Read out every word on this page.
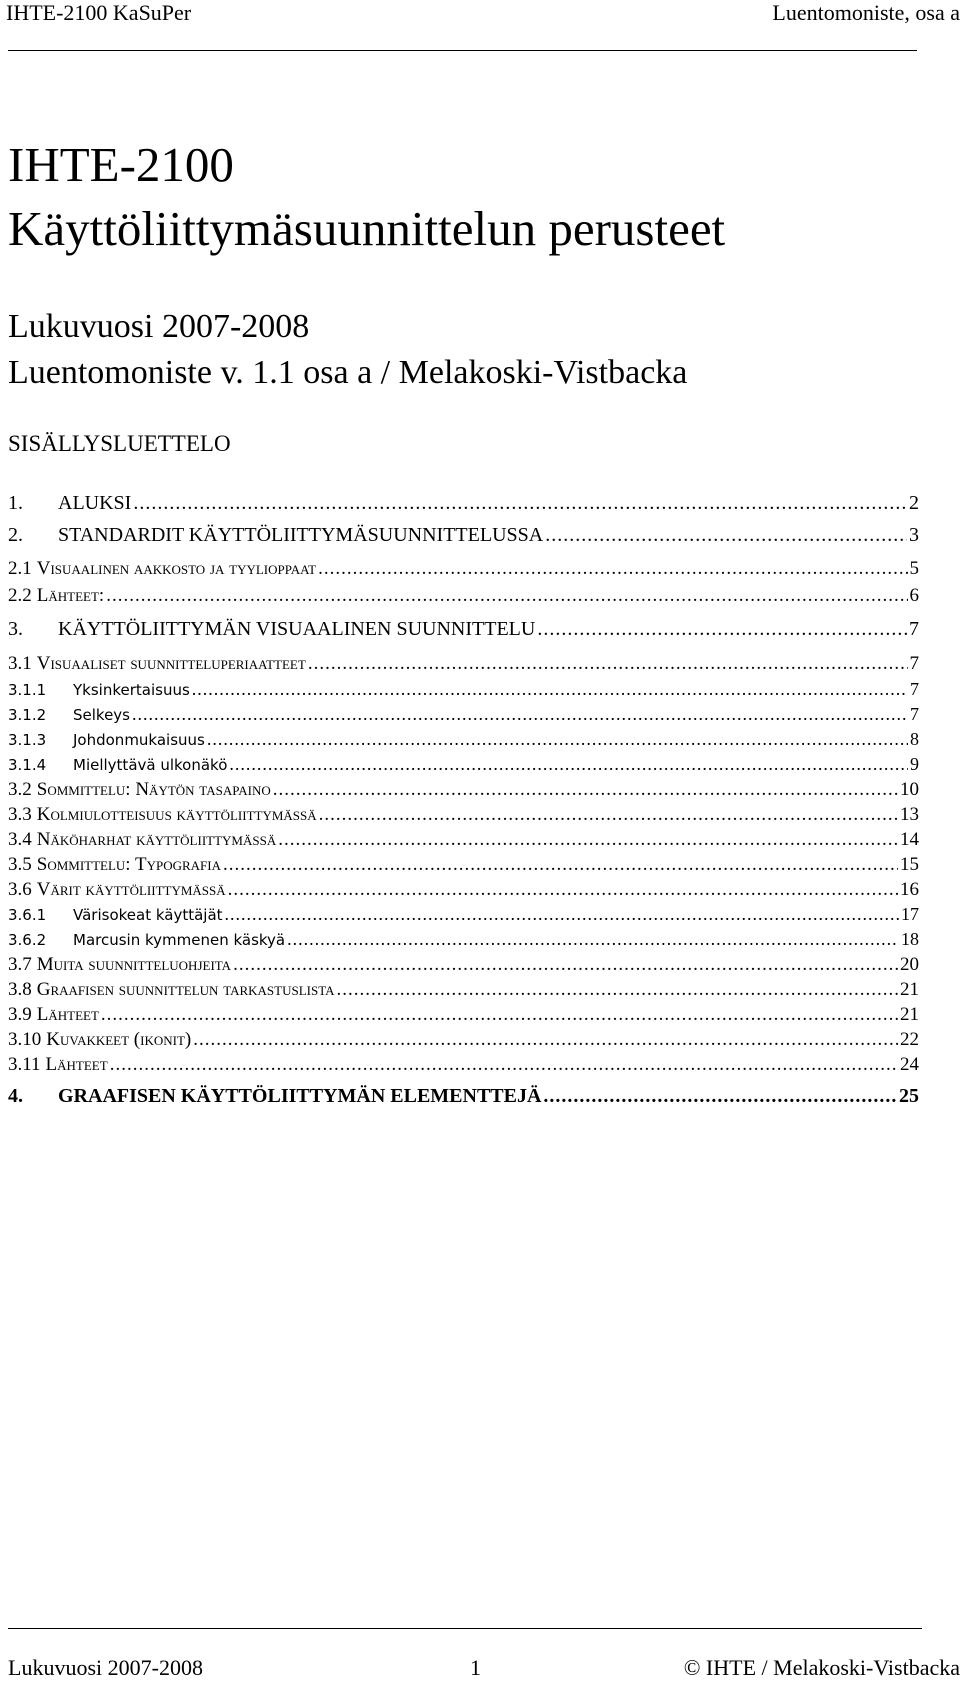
IHTE-2100 KaSuPer	Luentomoniste, osa a
IHTE-2100
Käyttöliittymäsuunnittelun perusteet
Lukuvuosi 2007-2008
Luentomoniste v. 1.1 osa a / Melakoski-Vistbacka
SISÄLLYSLUETTELO
1.	ALUKSI .....	2
2.	STANDARDIT KÄYTTÖLIITTYMÄSUUNNITTELUSSA .....	3
2.1 Visuaalinen aakkosto ja tyylioppaat .....	5
2.2 Lähteet: .....	6
3.	KÄYTTÖLIITTYMÄN VISUAALINEN SUUNNITTELU .....	7
3.1 Visuaaliset suunnitteluperiaatteet .....	7
3.1.1	Yksinkertaisuus .....	7
3.1.2	Selkeys .....	7
3.1.3	Johdonmukaisuus .....	8
3.1.4	Miellyttävä ulkonäkö .....	9
3.2 Sommittelu: Näytön tasapaino .....	10
3.3 Kolmiulotteisuus käyttöliittymässä .....	13
3.4 Näköharhat käyttöliittymässä .....	14
3.5 Sommittelu: Typografia .....	15
3.6 Värit käyttöliittymässä .....	16
3.6.1	Värisokeat käyttäjät .....	17
3.6.2	Marcusin kymmenen käskyä .....	18
3.7 Muita suunnitteluohjeita .....	20
3.8 Graafisen suunnittelun tarkastuslista .....	21
3.9 Lähteet .....	21
3.10 Kuvakkeet (ikonit) .....	22
3.11 Lähteet .....	24
4.	GRAAFISEN KÄYTTÖLIITTYMÄN ELEMENTTEJÄ .....	25
Lukuvuosi 2007-2008	1	© IHTE / Melakoski-Vistbacka
